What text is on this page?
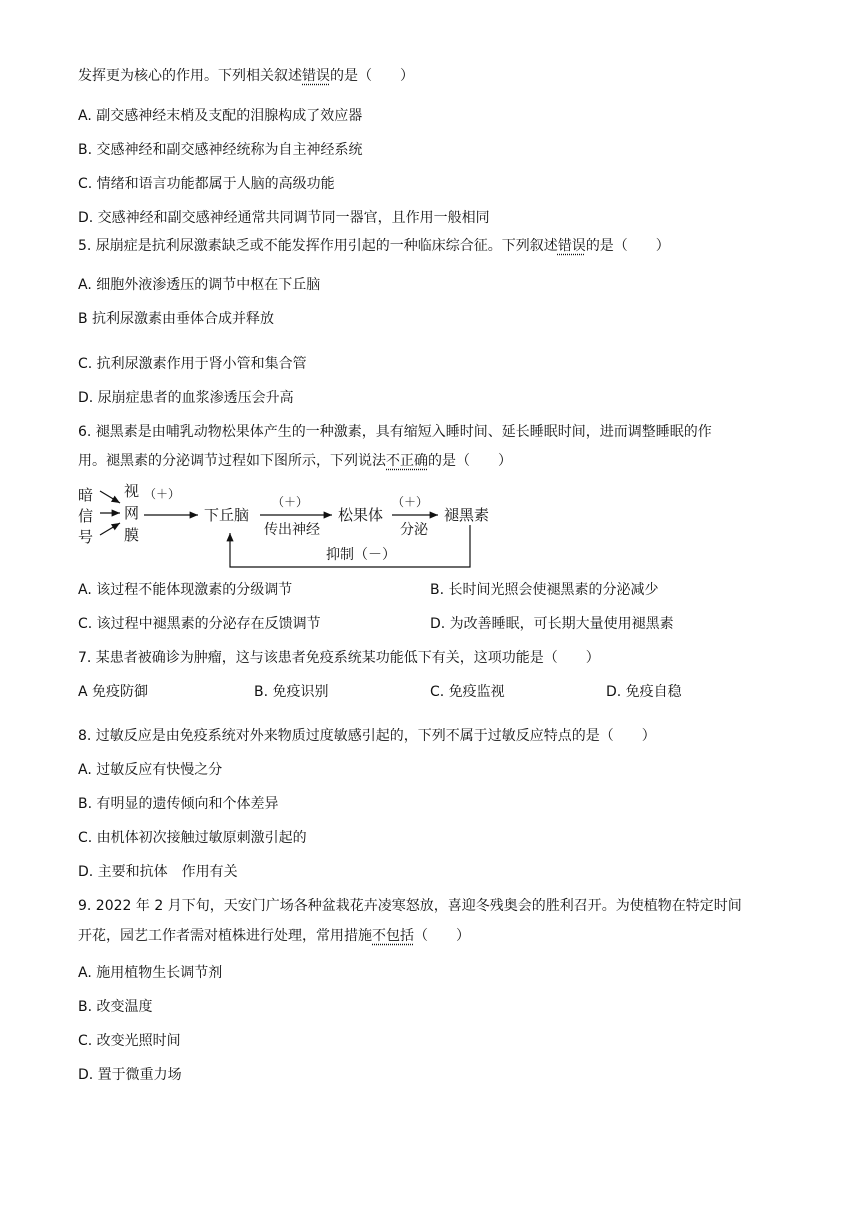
发挥更为核心的作用。下列相关叙述错误的是（　　）
A. 副交感神经末梢及支配的泪腺构成了效应器
B. 交感神经和副交感神经统称为自主神经系统
C. 情绪和语言功能都属于人脑的高级功能
D. 交感神经和副交感神经通常共同调节同一器官，且作用一般相同
5. 尿崩症是抗利尿激素缺乏或不能发挥作用引起的一种临床综合征。下列叙述错误的是（　　）
A. 细胞外液渗透压的调节中枢在下丘脑
B 抗利尿激素由垂体合成并释放
C. 抗利尿激素作用于肾小管和集合管
D. 尿崩症患者的血浆渗透压会升高
6. 褪黑素是由哺乳动物松果体产生的一种激素，具有缩短入睡时间、延长睡眠时间，进而调整睡眠的作
用。褪黑素的分泌调节过程如下图所示，下列说法不正确的是（　　）
暗
信
号
视
网
膜
（＋）
下丘脑
（＋）
传出神经
松果体
（＋）
分泌
褪黑素
抑制（－）
A. 该过程不能体现激素的分级调节	B. 长时间光照会使褪黑素的分泌减少
C. 该过程中褪黑素的分泌存在反馈调节	D. 为改善睡眠，可长期大量使用褪黑素
7. 某患者被确诊为肿瘤，这与该患者免疫系统某功能低下有关，这项功能是（　　）
A 免疫防御	B. 免疫识别	C. 免疫监视	D. 免疫自稳
8. 过敏反应是由免疫系统对外来物质过度敏感引起的，下列不属于过敏反应特点的是（　　）
A. 过敏反应有快慢之分
B. 有明显的遗传倾向和个体差异
C. 由机体初次接触过敏原刺激引起的
D. 主要和抗体　作用有关
9. 2022 年 2 月下旬，天安门广场各种盆栽花卉凌寒怒放，喜迎冬残奥会的胜利召开。为使植物在特定时间
开花，园艺工作者需对植株进行处理，常用措施不包括（　　）
A. 施用植物生长调节剂
B. 改变温度
C. 改变光照时间
D. 置于微重力场
